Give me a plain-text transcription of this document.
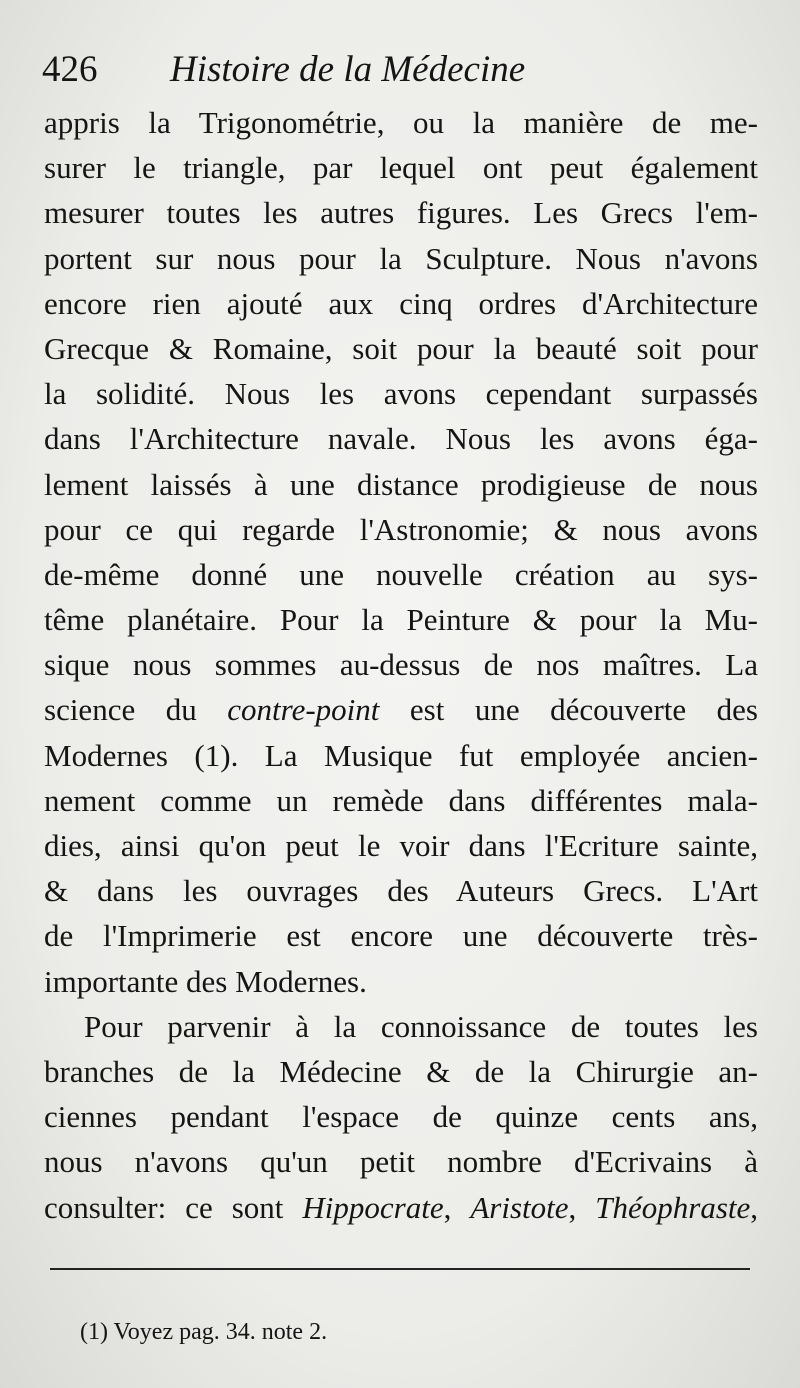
426	Histoire de la Médecine
appris la Trigonométrie, ou la manière de me-
surer le triangle, par lequel ont peut également
mesurer toutes les autres figures. Les Grecs l'em-
portent sur nous pour la Sculpture. Nous n'avons
encore rien ajouté aux cinq ordres d'Architecture
Grecque & Romaine, soit pour la beauté soit pour
la solidité. Nous les avons cependant surpassés
dans l'Architecture navale. Nous les avons éga-
lement laissés à une distance prodigieuse de nous
pour ce qui regarde l'Astronomie; & nous avons
de-même donné une nouvelle création au sys-
tême planétaire. Pour la Peinture & pour la Mu-
sique nous sommes au-dessus de nos maîtres. La
science du contre-point est une découverte des
Modernes (1). La Musique fut employée ancien-
nement comme un remède dans différentes mala-
dies, ainsi qu'on peut le voir dans l'Ecriture sainte,
& dans les ouvrages des Auteurs Grecs. L'Art
de l'Imprimerie est encore une découverte très-
importante des Modernes.
Pour parvenir à la connoissance de toutes les
branches de la Médecine & de la Chirurgie an-
ciennes pendant l'espace de quinze cents ans,
nous n'avons qu'un petit nombre d'Ecrivains à
consulter: ce sont Hippocrate, Aristote, Théophraste,
(1) Voyez pag. 34. note 2.
